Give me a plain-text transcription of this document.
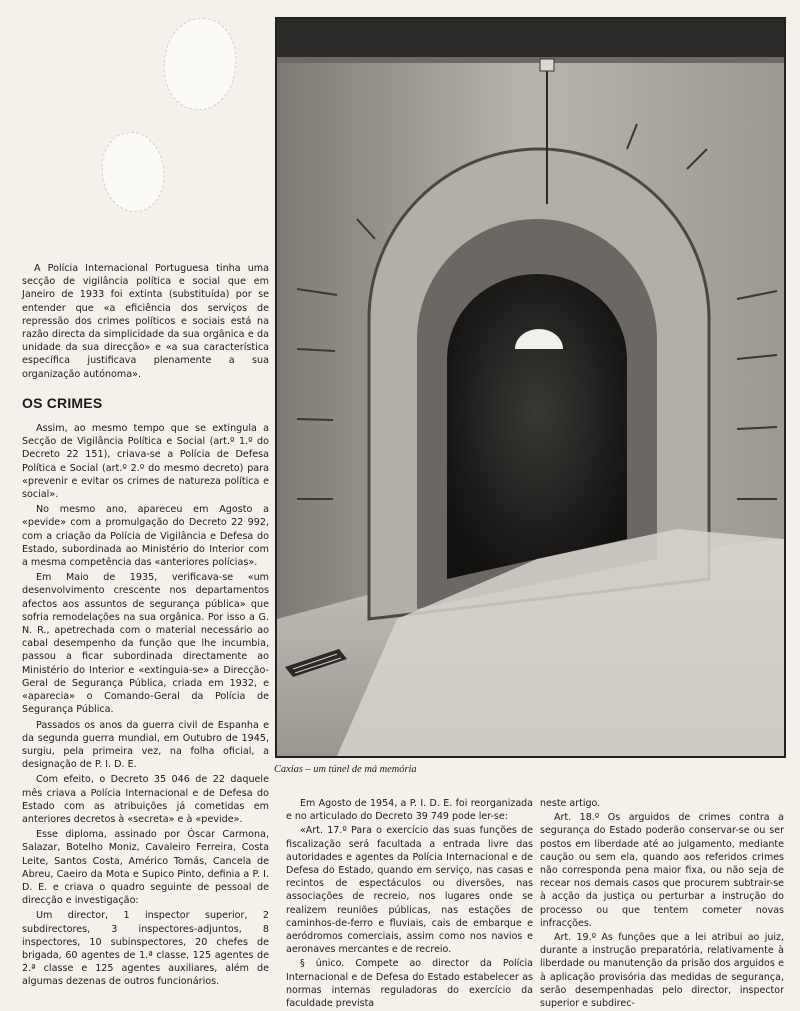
A Polícia Internacional Portuguesa tinha uma secção de vigilância política e social que em Janeiro de 1933 foi extinta (substituída) por se entender que «a eficiência dos serviços de repressão dos crimes políticos e sociais está na razão directa da simplicidade da sua orgânica e da unidade da sua direcção» e «a sua característica específica justificava plenamente a sua organização autónoma».

OS CRIMES

Assim, ao mesmo tempo que se extingula a Secção de Vigilância Política e Social (art.º 1.º do Decreto 22 151), criava-se a Polícia de Defesa Política e Social (art.º 2.º do mesmo decreto) para «prevenir e evitar os crimes de natureza política e social».

No mesmo ano, apareceu em Agosto a «pevide» com a promulgação do Decreto 22 992, com a criação da Polícia de Vigilância e Defesa do Estado, subordinada ao Ministério do Interior com a mesma competência das «anteriores polícias».

Em Maio de 1935, verificava-se «um desenvolvimento crescente nos departamentos afectos aos assuntos de segurança pública» que sofria remodelações na sua orgânica. Por isso a G. N. R., apetrechada com o material necessário ao cabal desempenho da função que lhe incumbia, passou a ficar subordinada directamente ao Ministério do Interior e «extinguia-se» a Direcção-Geral de Segurança Pública, criada em 1932, e «aparecia» o Comando-Geral da Polícia de Segurança Pública.

Passados os anos da guerra civil de Espanha e da segunda guerra mundial, em Outubro de 1945, surgiu, pela primeira vez, na folha oficial, a designação de P. I. D. E.

Com efeito, o Decreto 35 046 de 22 daquele mês criava a Polícia Internacional e de Defesa do Estado com as atribuições já cometidas em anteriores decretos à «secreta» e à «pevide».

Esse diploma, assinado por Óscar Carmona, Salazar, Botelho Moniz, Cavaleiro Ferreira, Costa Leite, Santos Costa, Américo Tomás, Cancela de Abreu, Caeiro da Mota e Supico Pinto, definia a P. I. D. E. e criava o quadro seguinte de pessoal de direcção e investigação:

Um director, 1 inspector superior, 2 subdirectores, 3 inspectores-adjuntos, 8 inspectores, 10 subinspectores, 20 chefes de brigada, 60 agentes de 1.ª classe, 125 agentes de 2.ª classe e 125 agentes auxiliares, além de algumas dezenas de outros funcionários.

Caxias – um túnel de má memória

Em Agosto de 1954, a P. I. D. E. foi reorganizada e no articulado do Decreto 39 749 pode ler-se:

«Art. 17.º Para o exercício das suas funções de fiscalização será facultada a entrada livre das autoridades e agentes da Polícia Internacional e de Defesa do Estado, quando em serviço, nas casas e recintos de espectáculos ou diversões, nas associações de recreio, nos lugares onde se realizem reuniões públicas, nas estações de caminhos-de-ferro e fluviais, cais de embarque e aeródromos comerciais, assim como nos navios e aeronaves mercantes e de recreio.

§ único. Compete ao director da Polícia Internacional e de Defesa do Estado estabelecer as normas internas reguladoras do exercício da faculdade prevista

neste artigo.

Art. 18.º Os arguidos de crimes contra a segurança do Estado poderão conservar-se ou ser postos em liberdade até ao julgamento, mediante caução ou sem ela, quando aos referidos crimes não corresponda pena maior fixa, ou não seja de recear nos demais casos que procurem subtrair-se à acção da justiça ou perturbar a instrução do processo ou que tentem cometer novas infracções.

Art. 19.º As funções que a lei atribui ao juiz, durante a instrução preparatória, relativamente à liberdade ou manutenção da prisão dos arguidos e à aplicação provisória das medidas de segurança, serão desempenhadas pelo director, inspector superior e subdirec-
